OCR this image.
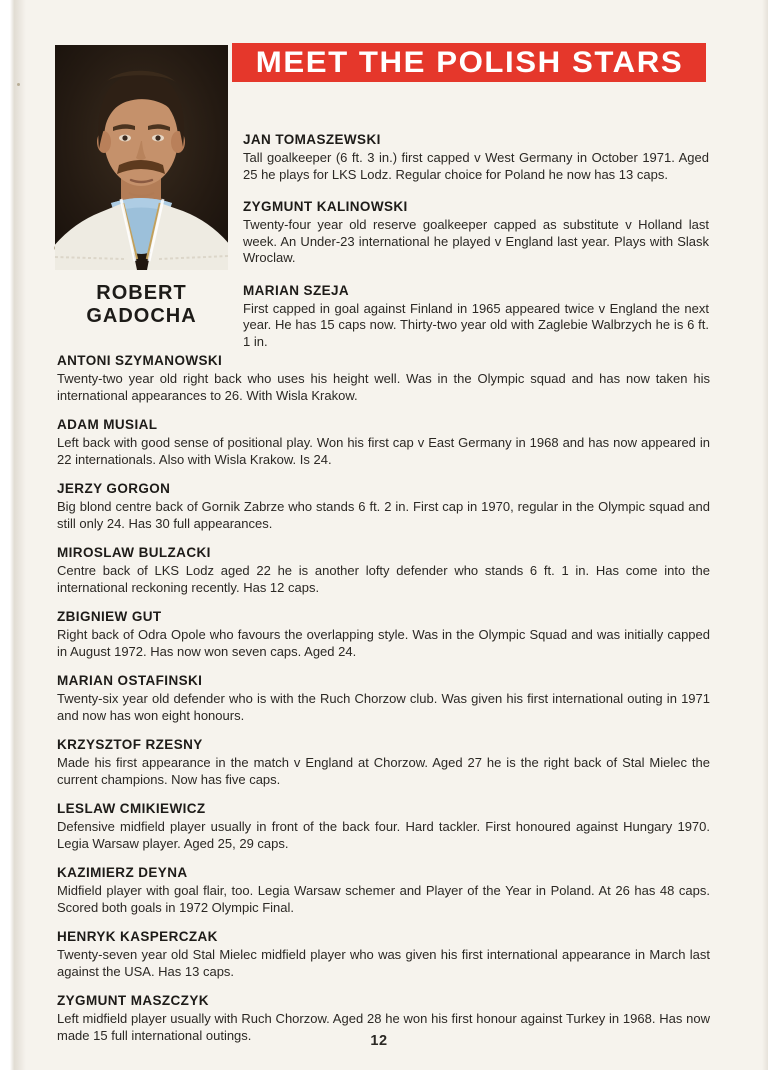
MEET THE POLISH STARS
ROBERT
GADOCHA
JAN TOMASZEWSKI

Tall goalkeeper (6 ft. 3 in.) first capped v West Germany in October 1971. Aged 25 he plays for LKS Lodz. Regular choice for Poland he now has 13 caps.

ZYGMUNT KALINOWSKI

Twenty-four year old reserve goalkeeper capped as substitute v Holland last week. An Under-23 international he played v England last year. Plays with Slask Wroclaw.

MARIAN SZEJA

First capped in goal against Finland in 1965 appeared twice v England the next year. He has 15 caps now. Thirty-two year old with Zaglebie Walbrzych he is 6 ft. 1 in.

ANTONI SZYMANOWSKI

Twenty-two year old right back who uses his height well. Was in the Olympic squad and has now taken his international appearances to 26. With Wisla Krakow.

ADAM MUSIAL

Left back with good sense of positional play. Won his first cap v East Germany in 1968 and has now appeared in 22 internationals. Also with Wisla Krakow. Is 24.

JERZY GORGON

Big blond centre back of Gornik Zabrze who stands 6 ft. 2 in. First cap in 1970, regular in the Olympic squad and still only 24. Has 30 full appearances.

MIROSLAW BULZACKI

Centre back of LKS Lodz aged 22 he is another lofty defender who stands 6 ft. 1 in. Has come into the international reckoning recently. Has 12 caps.

ZBIGNIEW GUT

Right back of Odra Opole who favours the overlapping style. Was in the Olympic Squad and was initially capped in August 1972. Has now won seven caps. Aged 24.

MARIAN OSTAFINSKI

Twenty-six year old defender who is with the Ruch Chorzow club. Was given his first international outing in 1971 and now has won eight honours.

KRZYSZTOF RZESNY

Made his first appearance in the match v England at Chorzow. Aged 27 he is the right back of Stal Mielec the current champions. Now has five caps.

LESLAW CMIKIEWICZ

Defensive midfield player usually in front of the back four. Hard tackler. First honoured against Hungary 1970. Legia Warsaw player. Aged 25, 29 caps.

KAZIMIERZ DEYNA

Midfield player with goal flair, too. Legia Warsaw schemer and Player of the Year in Poland. At 26 has 48 caps. Scored both goals in 1972 Olympic Final.

HENRYK KASPERCZAK

Twenty-seven year old Stal Mielec midfield player who was given his first international appearance in March last against the USA. Has 13 caps.

ZYGMUNT MASZCZYK

Left midfield player usually with Ruch Chorzow. Aged 28 he won his first honour against Turkey in 1968. Has now made 15 full international outings.	12
